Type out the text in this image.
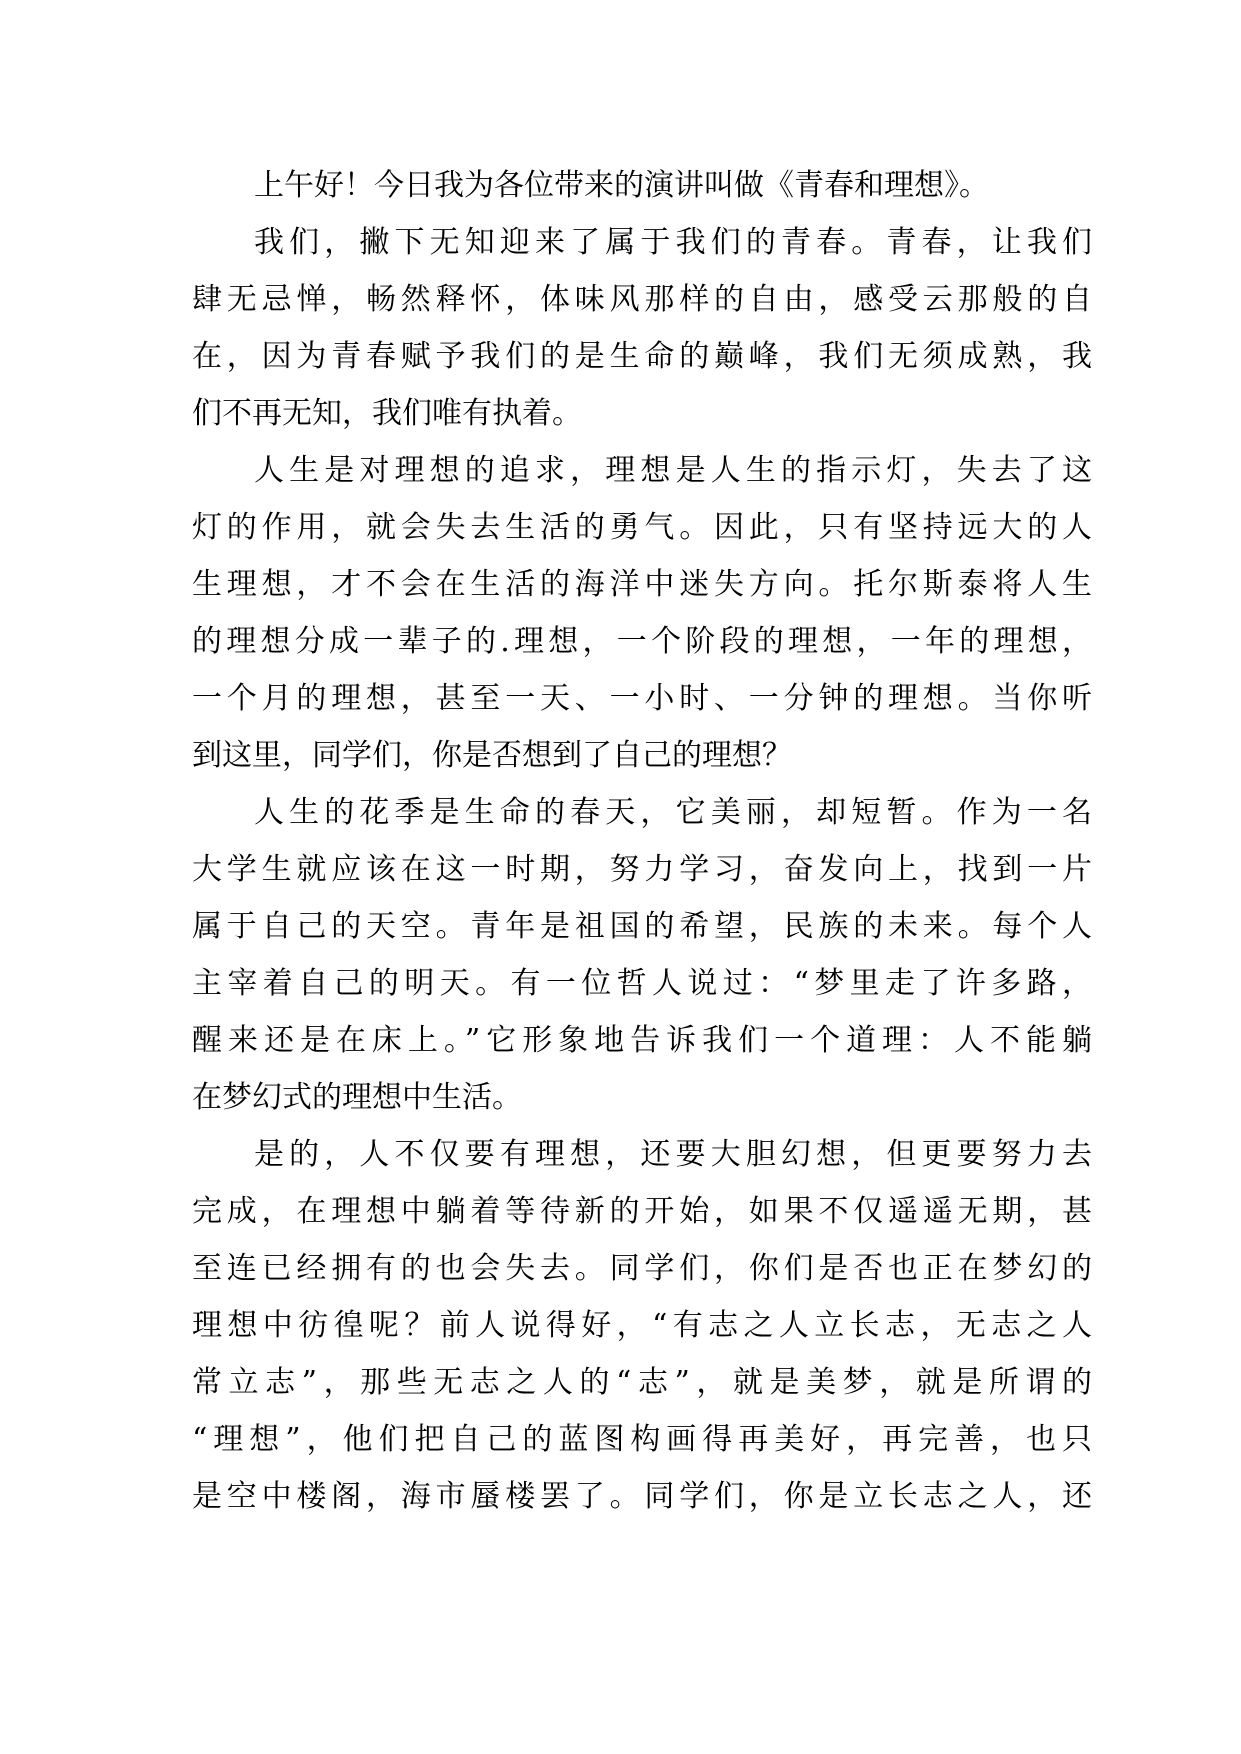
上午好！今日我为各位带来的演讲叫做《青春和理想》。
我们，撇下无知迎来了属于我们的青春。青春，让我们
肆无忌惮，畅然释怀，体味风那样的自由，感受云那般的自
在，因为青春赋予我们的是生命的巅峰，我们无须成熟，我
们不再无知，我们唯有执着。
人生是对理想的追求，理想是人生的指示灯，失去了这
灯的作用，就会失去生活的勇气。因此，只有坚持远大的人
生理想，才不会在生活的海洋中迷失方向。托尔斯泰将人生
的理想分成一辈子的.理想，一个阶段的理想，一年的理想，
一个月的理想，甚至一天、一小时、一分钟的理想。当你听
到这里，同学们，你是否想到了自己的理想？
人生的花季是生命的春天，它美丽，却短暂。作为一名
大学生就应该在这一时期，努力学习，奋发向上，找到一片
属于自己的天空。青年是祖国的希望，民族的未来。每个人
主宰着自己的明天。有一位哲人说过：“梦里走了许多路，
醒来还是在床上。”它形象地告诉我们一个道理：人不能躺
在梦幻式的理想中生活。
是的，人不仅要有理想，还要大胆幻想，但更要努力去
完成，在理想中躺着等待新的开始，如果不仅遥遥无期，甚
至连已经拥有的也会失去。同学们，你们是否也正在梦幻的
理想中彷徨呢？前人说得好，“有志之人立长志，无志之人
常立志”，那些无志之人的“志”，就是美梦，就是所谓的
“理想”，他们把自己的蓝图构画得再美好，再完善，也只
是空中楼阁，海市蜃楼罢了。同学们，你是立长志之人，还
